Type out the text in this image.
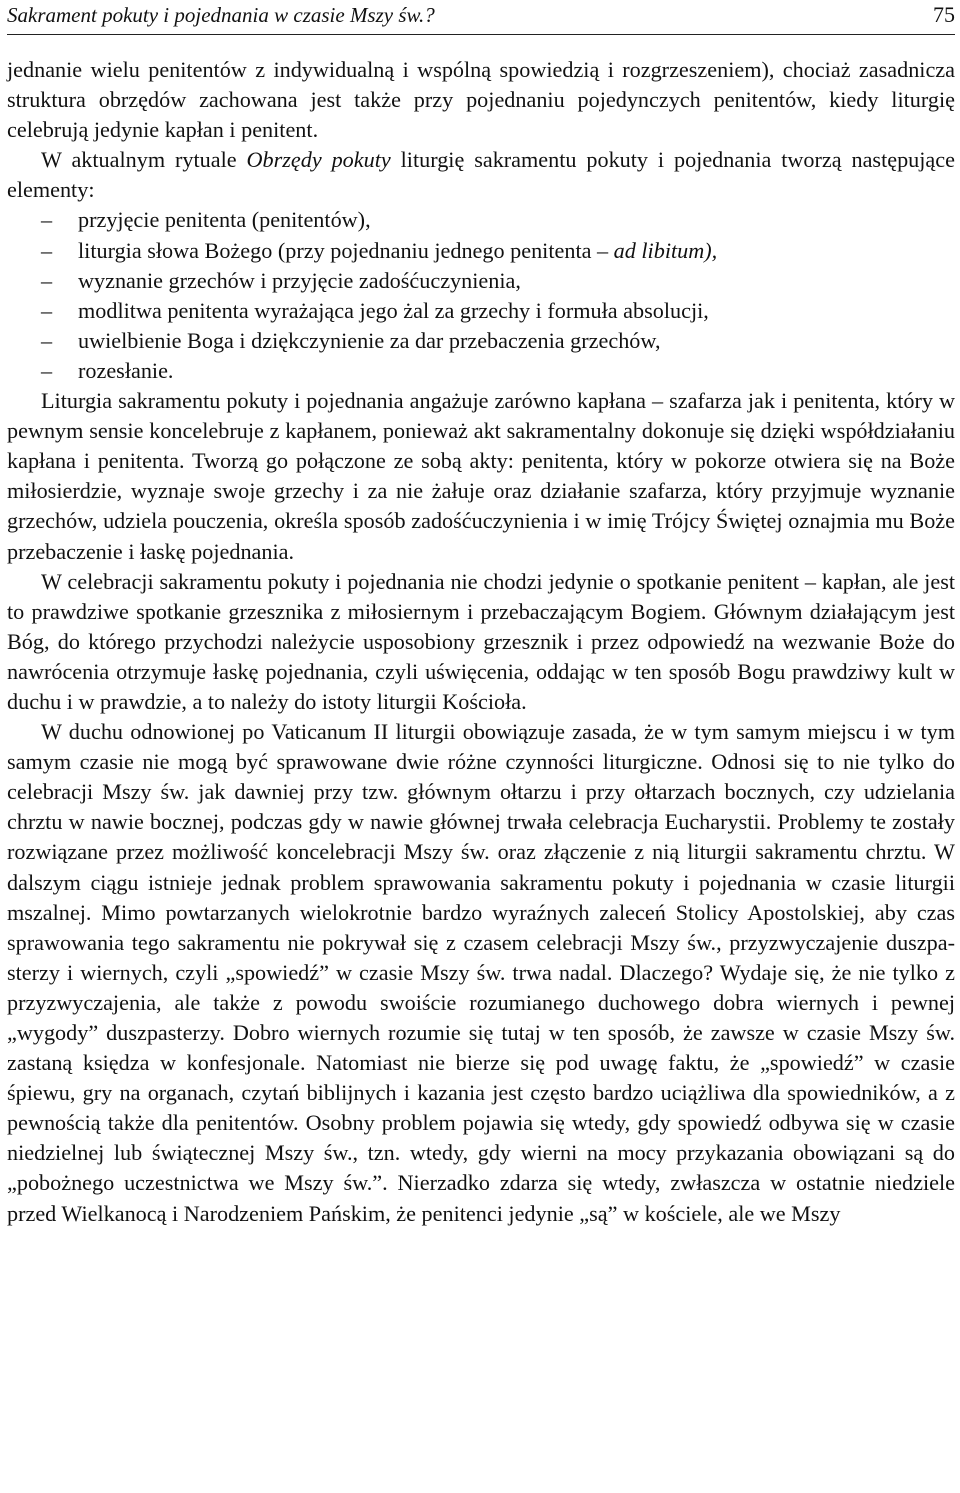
Sakrament pokuty i pojednania w czasie Mszy św.?	75

jednanie wielu penitentów z indywidualną i wspólną spowiedzią i rozgrzeszeniem), chociaż zasadnicza struktura obrzędów zachowana jest także przy pojednaniu pojedynczych penitentów, kiedy liturgię celebrują jedynie kapłan i penitent.

W aktualnym rytuale Obrzędy pokuty liturgię sakramentu pokuty i pojednania tworzą następujące elementy:

– przyjęcie penitenta (penitentów),
– liturgia słowa Bożego (przy pojednaniu jednego penitenta – ad libitum),
– wyznanie grzechów i przyjęcie zadośćuczynienia,
– modlitwa penitenta wyrażająca jego żal za grzechy i formuła absolucji,
– uwielbienie Boga i dziękczynienie za dar przebaczenia grzechów,
– rozesłanie.

Liturgia sakramentu pokuty i pojednania angażuje zarówno kapłana – szafarza jak i penitenta, który w pewnym sensie koncelebruje z kapłanem, ponieważ akt sakramentalny dokonuje się dzięki współdziałaniu kapłana i penitenta. Tworzą go połączone ze sobą akty: penitenta, który w pokorze otwiera się na Boże miłosierdzie, wyznaje swoje grzechy i za nie żałuje oraz działanie szafarza, który przyjmuje wyznanie grzechów, udziela pouczenia, określa sposób zadośćuczynienia i w imię Trójcy Świętej oznajmia mu Boże przebaczenie i łaskę pojednania.

W celebracji sakramentu pokuty i pojednania nie chodzi jedynie o spotkanie penitent – kapłan, ale jest to prawdziwe spotkanie grzesznika z miłosiernym i przebaczającym Bogiem. Głównym działającym jest Bóg, do którego przychodzi należycie usposobiony grzesznik i przez odpowiedź na wezwanie Boże do nawrócenia otrzymuje łaskę pojednania, czyli uświęcenia, oddając w ten sposób Bogu prawdziwy kult w duchu i w prawdzie, a to należy do istoty liturgii Kościoła.

W duchu odnowionej po Vaticanum II liturgii obowiązuje zasada, że w tym samym miejscu i w tym samym czasie nie mogą być sprawowane dwie różne czynności liturgiczne. Odnosi się to nie tylko do celebracji Mszy św. jak dawniej przy tzw. głównym ołtarzu i przy ołtarzach bocznych, czy udzielania chrztu w nawie bocznej, podczas gdy w nawie głównej trwała celebracja Eucharystii. Problemy te zostały rozwiązane przez możliwość koncelebracji Mszy św. oraz złączenie z nią liturgii sakramentu chrztu. W dalszym ciągu istnieje jednak problem sprawowania sakramentu pokuty i pojednania w czasie liturgii mszalnej. Mimo powtarzanych wielokrotnie bardzo wyraźnych zaleceń Stolicy Apostolskiej, aby czas sprawowania tego sakramentu nie pokrywał się z czasem celebracji Mszy św., przyzwyczajenie duszpasterzy i wiernych, czyli „spowiedź” w czasie Mszy św. trwa nadal. Dlaczego? Wydaje się, że nie tylko z przyzwyczajenia, ale także z powodu swoiście rozumianego duchowego dobra wiernych i pewnej „wygody” duszpasterzy. Dobro wiernych rozumie się tutaj w ten sposób, że zawsze w czasie Mszy św. zastaną księdza w konfesjonale. Natomiast nie bierze się pod uwagę faktu, że „spowiedź” w czasie śpiewu, gry na organach, czytań biblijnych i kazania jest często bardzo uciążliwa dla spowiedników, a z pewnością także dla penitentów. Osobny problem pojawia się wtedy, gdy spowiedź odbywa się w czasie niedzielnej lub świątecznej Mszy św., tzn. wtedy, gdy wierni na mocy przykazania obowiązani są do „pobożnego uczestnictwa we Mszy św.”. Nierzadko zdarza się wtedy, zwłaszcza w ostatnie niedziele przed Wielkanocą i Narodzeniem Pańskim, że penitenci jedynie „są” w kościele, ale we Mszy
